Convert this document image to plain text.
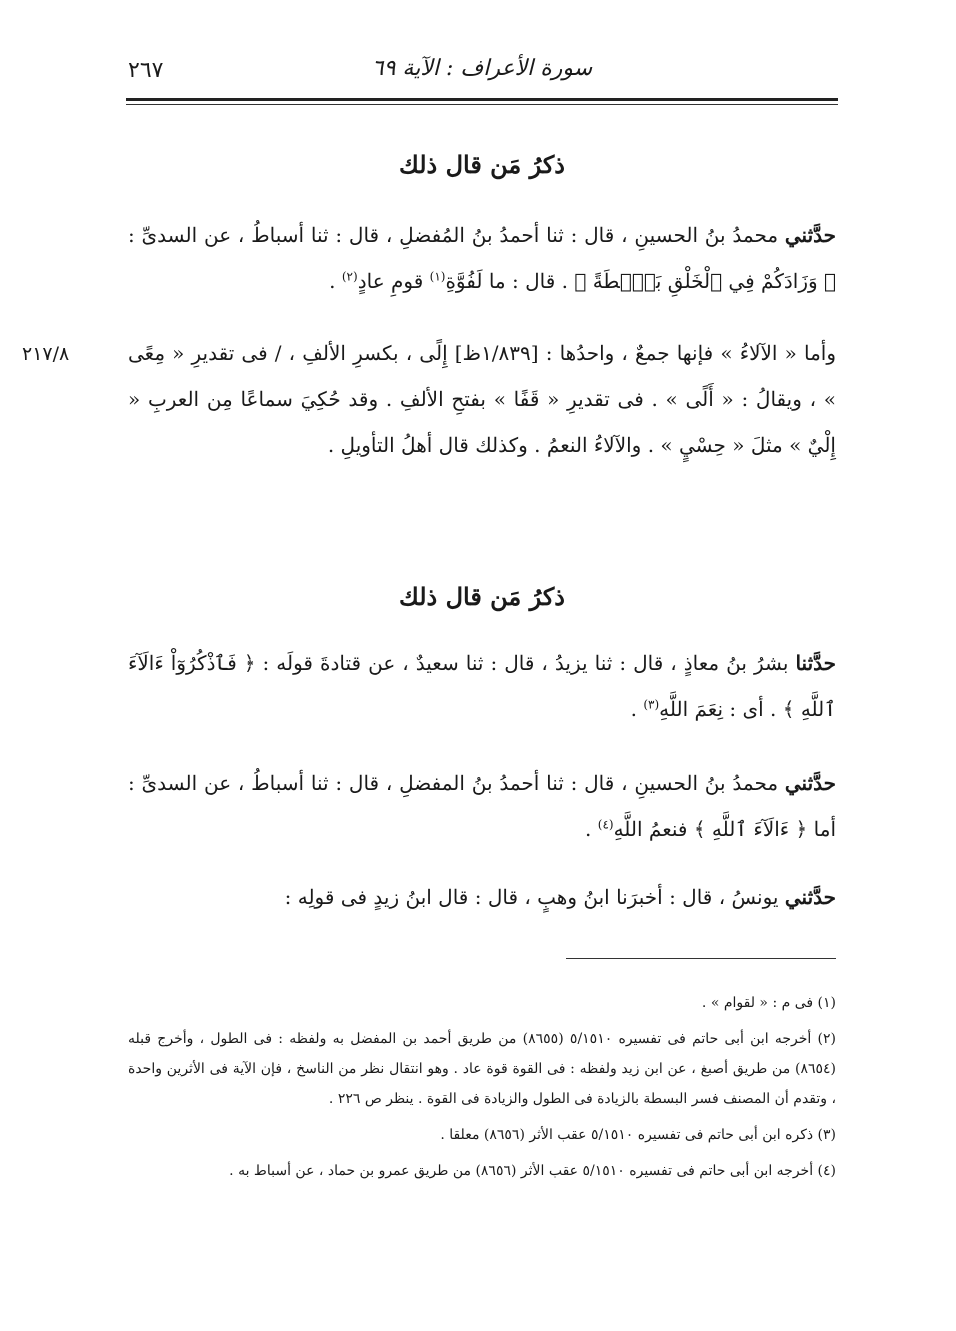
٢٦٧	سورة الأعراف : الآية ٦٩
ذكرُ مَن قال ذلك
حدَّثني محمدُ بنُ الحسينِ ، قال : ثنا أحمدُ بنُ المُفضلِ ، قال : ثنا أسباطُ ، عن السدىِّ : ﴿ وَزَادَكُمْ فِي ٱلْخَلْقِ بَصْۜطَةً ﴾ . قال : ما لَفُوَّةِ$^{(١)}$ قومِ عادٍ$^{(٢)}$ .
٢١٧/٨	وأما « الآلاءُ » فإنها جمعٌ ، واحدُها : [١/٨٣٩ظ] إِلًى ، بكسرِ الألفِ ، / فى تقديرِ « مِعًى » ، ويقالُ : « أَلًى » . فى تقديرِ « قَفًا » بفتحِ الألفِ . وقد حُكِيَ سماعًا مِن العربِ « إِلْيٌ » مثلَ « حِسْيٍ » . والآلاءُ النعمُ . وكذلك قال أهلُ التأويلِ .
ذكرُ مَن قال ذلك
حدَّثنا بشرُ بنُ معاذٍ ، قال : ثنا يزيدُ ، قال : ثنا سعيدٌ ، عن قتادةَ قولَه : ﴿ فَٱذْكُرُوٓاْ ءَالَآءَ ٱللَّهِ ﴾ . أى : نِعَمَ اللَّهِ$^{(٣)}$ .
حدَّثني محمدُ بنُ الحسينِ ، قال : ثنا أحمدُ بنُ المفضلِ ، قال : ثنا أسباطُ ، عن السدىِّ : أما ﴿ ءَالَآءَ ٱللَّهِ ﴾ فنعمُ اللَّهِ$^{(٤)}$ .
حدَّثني يونسُ ، قال : أخبرَنا ابنُ وهبٍ ، قال : قال ابنُ زيدٍ فى قولِه :

(١) فى م : « لقوام » .

(٢) أخرجه ابن أبى حاتم فى تفسيره ٥/١٥١٠ (٨٦٥٥) من طريق أحمد بن المفضل به ولفظه : فى الطول ، وأخرج قبله (٨٦٥٤) من طريق أصبغ ، عن ابن زيد ولفظه : فى القوة قوة عاد . وهو انتقال نظر من الناسخ ، فإن الآية فى الأثرين واحدة ، وتقدم أن المصنف فسر البسطة بالزيادة فى الطول والزيادة فى القوة . ينظر ص ٢٢٦ .

(٣) ذكره ابن أبى حاتم فى تفسيره ٥/١٥١٠ عقب الأثر (٨٦٥٦) معلقا .

(٤) أخرجه ابن أبى حاتم فى تفسيره ٥/١٥١٠ عقب الأثر (٨٦٥٦) من طريق عمرو بن حماد ، عن أسباط به .
